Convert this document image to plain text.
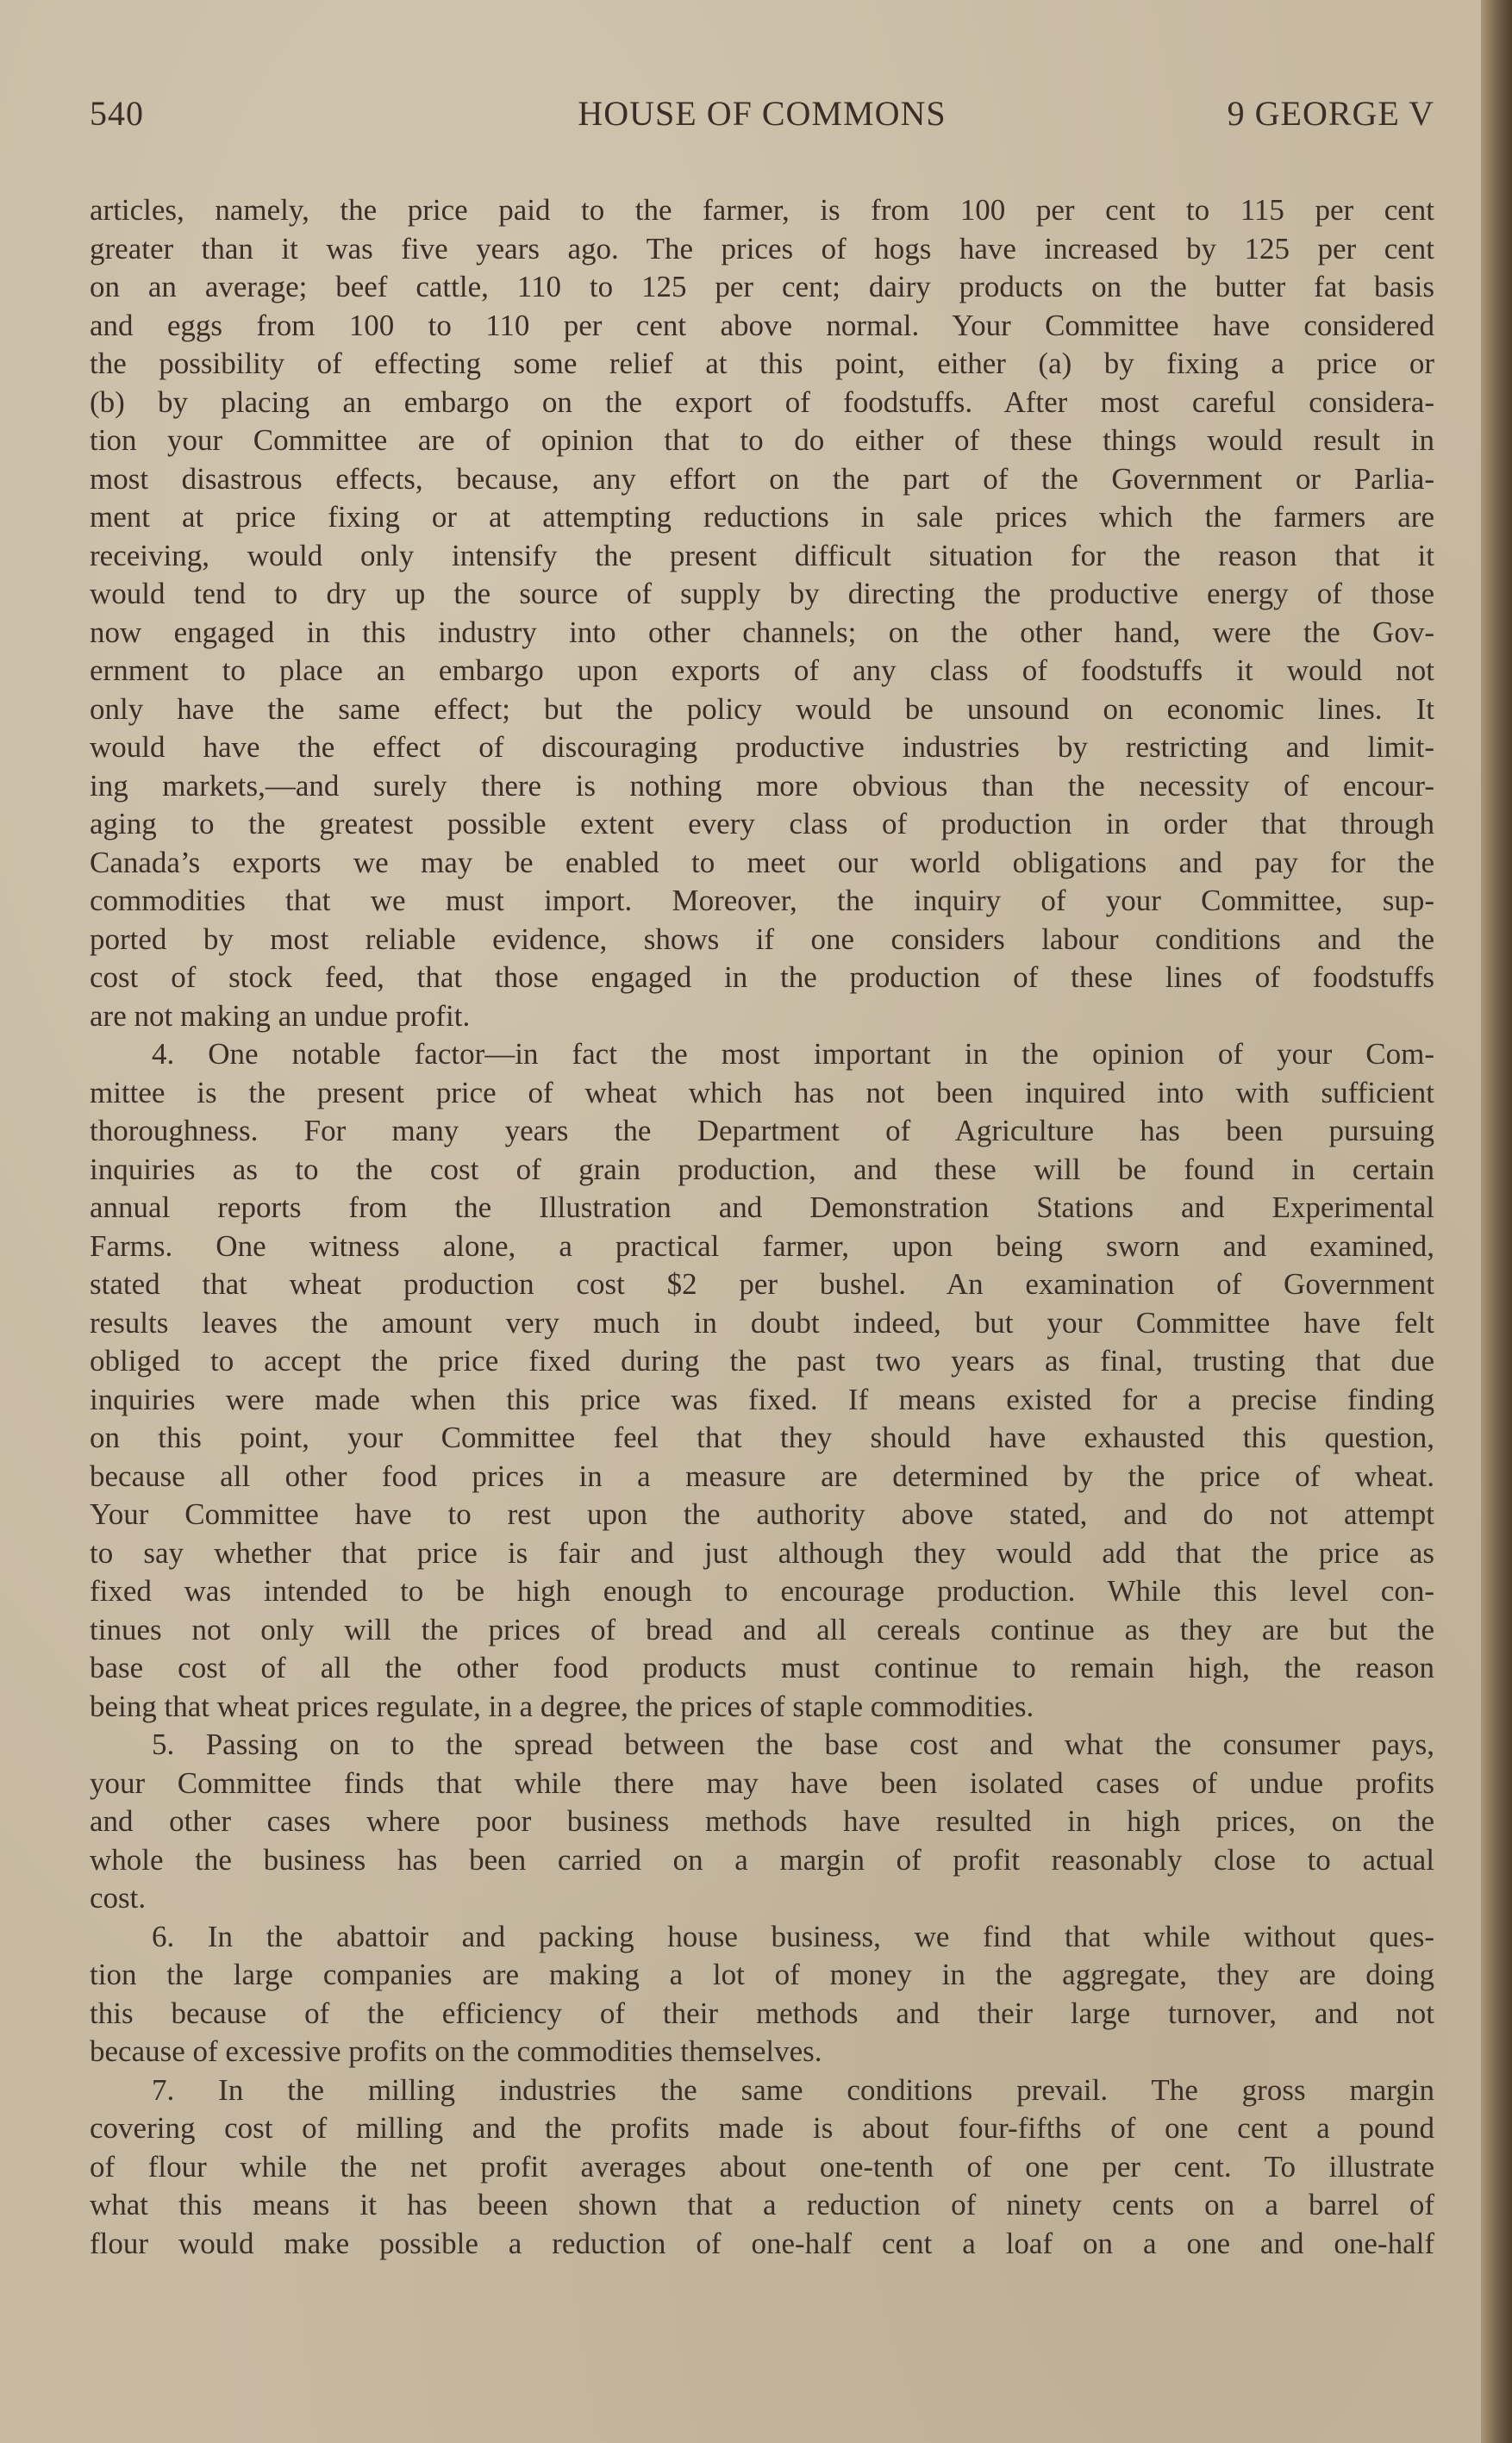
540	HOUSE OF COMMONS	9 GEORGE V
articles, namely, the price paid to the farmer, is from 100 per cent to 115 per cent
greater than it was five years ago. The prices of hogs have increased by 125 per cent
on an average; beef cattle, 110 to 125 per cent; dairy products on the butter fat basis
and eggs from 100 to 110 per cent above normal. Your Committee have considered
the possibility of effecting some relief at this point, either (a) by fixing a price or
(b) by placing an embargo on the export of foodstuffs. After most careful considera-
tion your Committee are of opinion that to do either of these things would result in
most disastrous effects, because, any effort on the part of the Government or Parlia-
ment at price fixing or at attempting reductions in sale prices which the farmers are
receiving, would only intensify the present difficult situation for the reason that it
would tend to dry up the source of supply by directing the productive energy of those
now engaged in this industry into other channels; on the other hand, were the Gov-
ernment to place an embargo upon exports of any class of foodstuffs it would not
only have the same effect; but the policy would be unsound on economic lines. It
would have the effect of discouraging productive industries by restricting and limit-
ing markets,—and surely there is nothing more obvious than the necessity of encour-
aging to the greatest possible extent every class of production in order that through
Canada’s exports we may be enabled to meet our world obligations and pay for the
commodities that we must import. Moreover, the inquiry of your Committee, sup-
ported by most reliable evidence, shows if one considers labour conditions and the
cost of stock feed, that those engaged in the production of these lines of foodstuffs
are not making an undue profit.
4. One notable factor—in fact the most important in the opinion of your Com-
mittee is the present price of wheat which has not been inquired into with sufficient
thoroughness. For many years the Department of Agriculture has been pursuing
inquiries as to the cost of grain production, and these will be found in certain
annual reports from the Illustration and Demonstration Stations and Experimental
Farms. One witness alone, a practical farmer, upon being sworn and examined,
stated that wheat production cost $2 per bushel. An examination of Government
results leaves the amount very much in doubt indeed, but your Committee have felt
obliged to accept the price fixed during the past two years as final, trusting that due
inquiries were made when this price was fixed. If means existed for a precise finding
on this point, your Committee feel that they should have exhausted this question,
because all other food prices in a measure are determined by the price of wheat.
Your Committee have to rest upon the authority above stated, and do not attempt
to say whether that price is fair and just although they would add that the price as
fixed was intended to be high enough to encourage production. While this level con-
tinues not only will the prices of bread and all cereals continue as they are but the
base cost of all the other food products must continue to remain high, the reason
being that wheat prices regulate, in a degree, the prices of staple commodities.
5. Passing on to the spread between the base cost and what the consumer pays,
your Committee finds that while there may have been isolated cases of undue profits
and other cases where poor business methods have resulted in high prices, on the
whole the business has been carried on a margin of profit reasonably close to actual
cost.
6. In the abattoir and packing house business, we find that while without ques-
tion the large companies are making a lot of money in the aggregate, they are doing
this because of the efficiency of their methods and their large turnover, and not
because of excessive profits on the commodities themselves.
7. In the milling industries the same conditions prevail. The gross margin
covering cost of milling and the profits made is about four-fifths of one cent a pound
of flour while the net profit averages about one-tenth of one per cent. To illustrate
what this means it has beeen shown that a reduction of ninety cents on a barrel of
flour would make possible a reduction of one-half cent a loaf on a one and one-half
